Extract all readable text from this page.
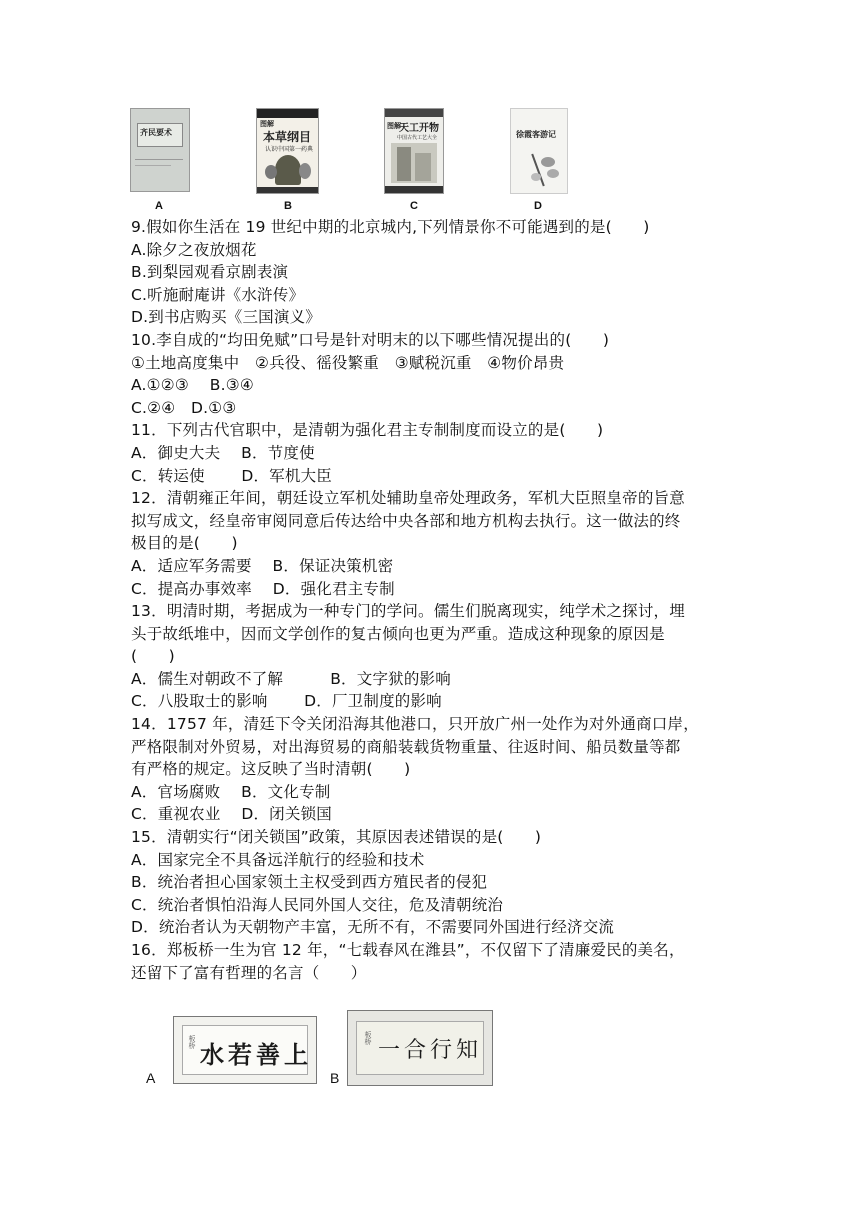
齐民要术
A
图解
本草纲目
认识中国第一药典
B
图解
天工开物
中国古代工艺大全
C
徐霞客游记
D
9.假如你生活在 19 世纪中期的北京城内,下列情景你不可能遇到的是(　　)
A.除夕之夜放烟花
B.到梨园观看京剧表演
C.听施耐庵讲《水浒传》
D.到书店购买《三国演义》
10.李自成的“均田免赋”口号是针对明末的以下哪些情况提出的(　　)
①土地高度集中　②兵役、徭役繁重　③赋税沉重　④物价昂贵
A.①②③　 B.③④
C.②④　D.①③
11．下列古代官职中，是清朝为强化君主专制制度而设立的是(　　)
A．御史大夫　 B．节度使
C．转运使　　 D．军机大臣
12．清朝雍正年间，朝廷设立军机处辅助皇帝处理政务，军机大臣照皇帝的旨意
拟写成文，经皇帝审阅同意后传达给中央各部和地方机构去执行。这一做法的终
极目的是(　　)
A．适应军务需要　 B．保证决策机密
C．提高办事效率　 D．强化君主专制
13．明清时期，考据成为一种专门的学问。儒生们脱离现实，纯学术之探讨，埋
头于故纸堆中，因而文学创作的复古倾向也更为严重。造成这种现象的原因是
(　　)
A．儒生对朝政不了解　　　B．文字狱的影响
C．八股取士的影响　　 D．厂卫制度的影响
14．1757 年，清廷下令关闭沿海其他港口，只开放广州一处作为对外通商口岸，
严格限制对外贸易，对出海贸易的商船装载货物重量、往返时间、船员数量等都
有严格的规定。这反映了当时清朝(　　)
A．官场腐败　 B．文化专制
C．重视农业　 D．闭关锁国
15．清朝实行“闭关锁国”政策，其原因表述错误的是(　　)
A．国家完全不具备远洋航行的经验和技术
B．统治者担心国家领土主权受到西方殖民者的侵犯
C．统治者惧怕沿海人民同外国人交往，危及清朝统治
D．统治者认为天朝物产丰富，无所不有，不需要同外国进行经济交流
16．郑板桥一生为官 12 年，“七载春风在潍县”，不仅留下了清廉爱民的美名，
还留下了富有哲理的名言（　　）
A
板桥 上善若水
B
板桥 知行合一
